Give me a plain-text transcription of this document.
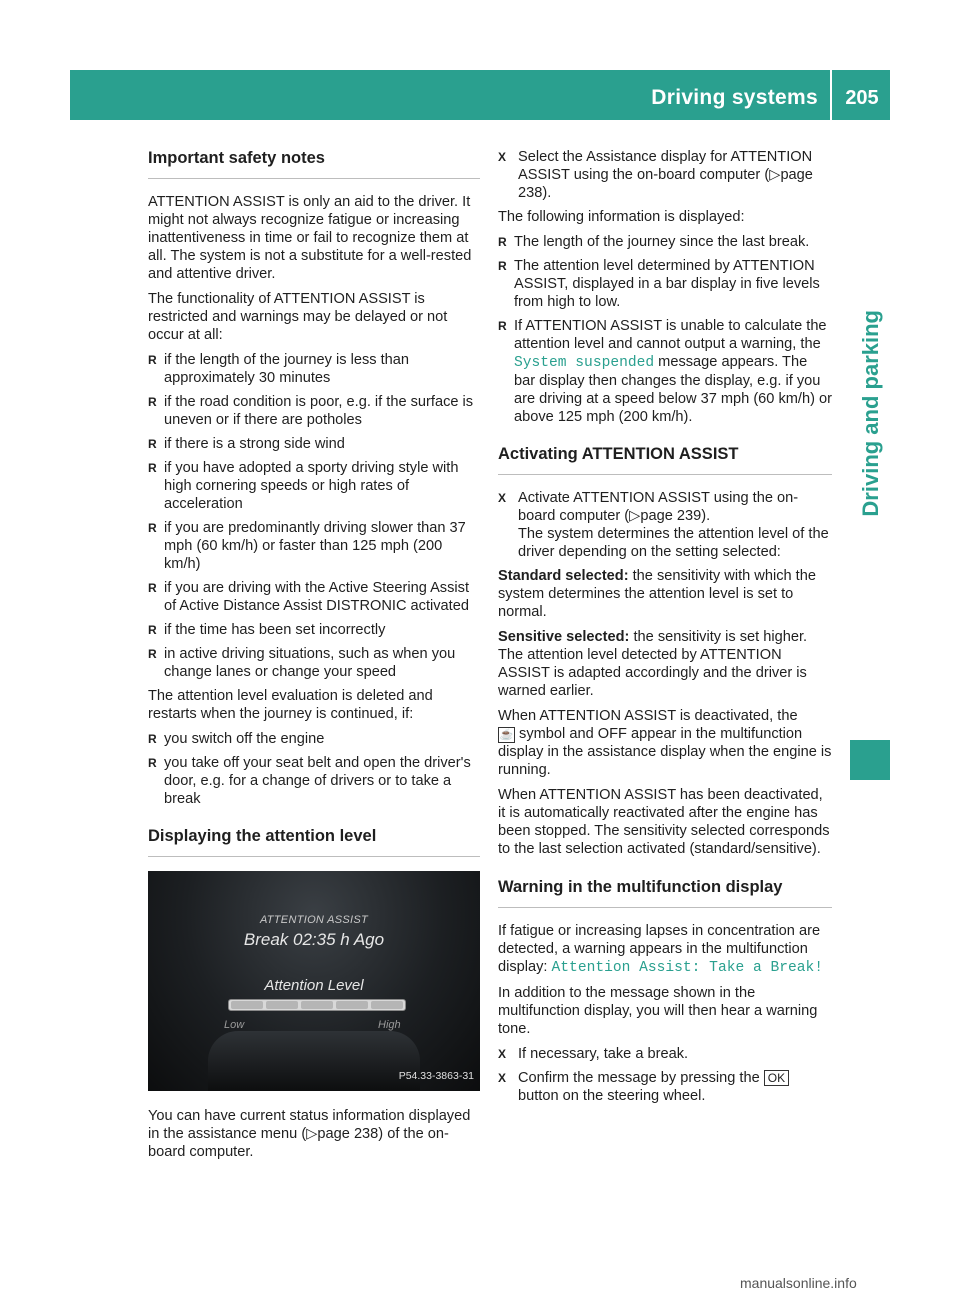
Driving systems	205
Driving and parking
Important safety notes

ATTENTION ASSIST is only an aid to the driver. It might not always recognize fatigue or increasing inattentiveness in time or fail to recognize them at all. The system is not a substitute for a well-rested and attentive driver.

The functionality of ATTENTION ASSIST is restricted and warnings may be delayed or not occur at all:

R if the length of the journey is less than approximately 30 minutes
R if the road condition is poor, e.g. if the surface is uneven or if there are potholes
R if there is a strong side wind
R if you have adopted a sporty driving style with high cornering speeds or high rates of acceleration
R if you are predominantly driving slower than 37 mph (60 km/h) or faster than 125 mph (200 km/h)
R if you are driving with the Active Steering Assist of Active Distance Assist DISTRONIC activated
R if the time has been set incorrectly
R in active driving situations, such as when you change lanes or change your speed

The attention level evaluation is deleted and restarts when the journey is continued, if:

R you switch off the engine
R you take off your seat belt and open the driver's door, e.g. for a change of drivers or to take a break
Displaying the attention level
ATTENTION ASSIST
Break 02:35 h Ago
Attention Level
Low	High
P54.33-3863-31

You can have current status information displayed in the assistance menu (▷page 238) of the on-board computer.

X Select the Assistance display for ATTENTION ASSIST using the on-board computer (▷page 238).

The following information is displayed:

R The length of the journey since the last break.
R The attention level determined by ATTENTION ASSIST, displayed in a bar display in five levels from high to low.
R If ATTENTION ASSIST is unable to calculate the attention level and cannot output a warning, the System suspended message appears. The bar display then changes the display, e.g. if you are driving at a speed below 37 mph (60 km/h) or above 125 mph (200 km/h).
Activating ATTENTION ASSIST
X Activate ATTENTION ASSIST using the on-board computer (▷page 239).
The system determines the attention level of the driver depending on the setting selected:

Standard selected: the sensitivity with which the system determines the attention level is set to normal.

Sensitive selected: the sensitivity is set higher. The attention level detected by ATTENTION ASSIST is adapted accordingly and the driver is warned earlier.

When ATTENTION ASSIST is deactivated, the
☕ symbol and OFF appear in the multifunction display in the assistance display when the engine is running.

When ATTENTION ASSIST has been deactivated, it is automatically reactivated after the engine has been stopped. The sensitivity selected corresponds to the last selection activated (standard/sensitive).

Warning in the multifunction display

If fatigue or increasing lapses in concentration are detected, a warning appears in the multifunction display: Attention Assist: Take a Break!

In addition to the message shown in the multifunction display, you will then hear a warning tone.

X If necessary, take a break.
X Confirm the message by pressing the OK button on the steering wheel.
manualsonline.info
